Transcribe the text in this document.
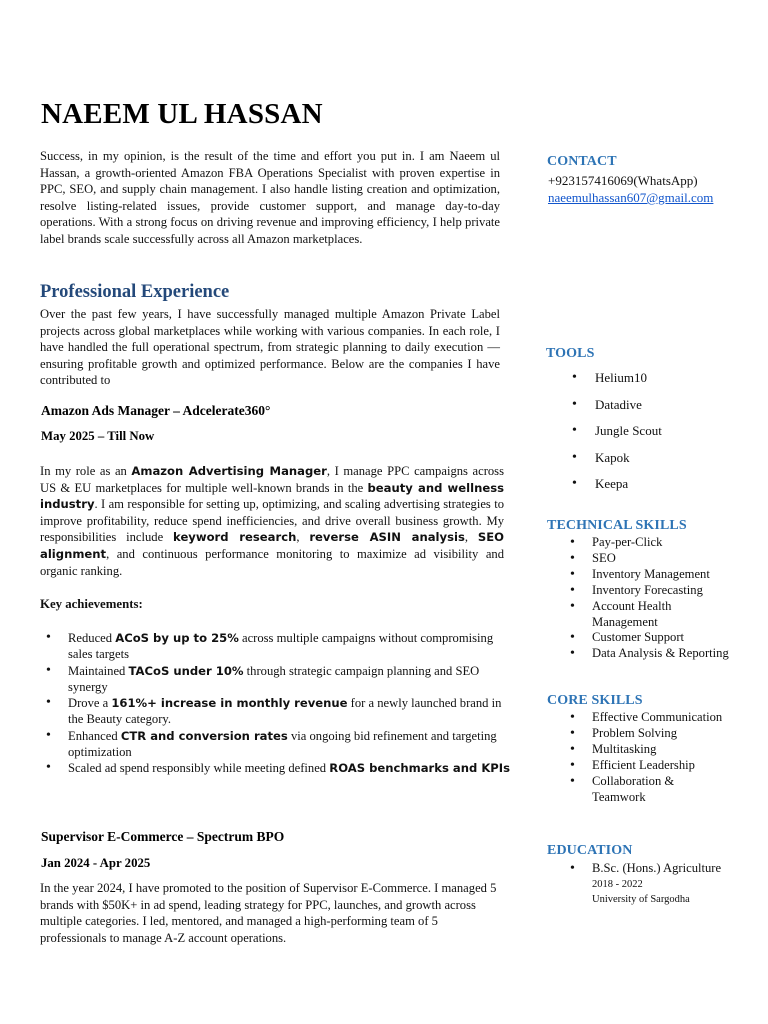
NAEEM UL HASSAN

Success, in my opinion, is the result of the time and effort you put in. I am Naeem ul Hassan, a growth-oriented Amazon FBA Operations Specialist with proven expertise in PPC, SEO, and supply chain management. I also handle listing creation and optimization, resolve listing-related issues, provide customer support, and manage day-to-day operations. With a strong focus on driving revenue and improving efficiency, I help private label brands scale successfully across all Amazon marketplaces.

Professional Experience

Over the past few years, I have successfully managed multiple Amazon Private Label projects across global marketplaces while working with various companies. In each role, I have handled the full operational spectrum, from strategic planning to daily execution — ensuring profitable growth and optimized performance. Below are the companies I have contributed to

Amazon Ads Manager – Adcelerate360°
May 2025 – Till Now

In my role as an Amazon Advertising Manager, I manage PPC campaigns across US & EU marketplaces for multiple well-known brands in the beauty and wellness industry. I am responsible for setting up, optimizing, and scaling advertising strategies to improve profitability, reduce spend inefficiencies, and drive overall business growth. My responsibilities include keyword research, reverse ASIN analysis, SEO alignment, and continuous performance monitoring to maximize ad visibility and organic ranking.

Key achievements:
• Reduced ACoS by up to 25% across multiple campaigns without compromising sales targets
• Maintained TACoS under 10% through strategic campaign planning and SEO synergy
• Drove a 161%+ increase in monthly revenue for a newly launched brand in the Beauty category.
• Enhanced CTR and conversion rates via ongoing bid refinement and targeting optimization
• Scaled ad spend responsibly while meeting defined ROAS benchmarks and KPIs
Supervisor E-Commerce – Spectrum BPO
Jan 2024 - Apr 2025

In the year 2024, I have promoted to the position of Supervisor E-Commerce. I managed 5 brands with $50K+ in ad spend, leading strategy for PPC, launches, and growth across multiple categories. I led, mentored, and managed a high-performing team of 5 professionals to manage A-Z account operations.

CONTACT
+923157416069(WhatsApp)
naeemulhassan607@gmail.com
TOOLS
• Helium10
• Datadive
• Jungle Scout
• Kapok
• Keepa
TECHNICAL SKILLS
• Pay-per-Click
• SEO
• Inventory Management
• Inventory Forecasting
• Account Health Management
• Customer Support
• Data Analysis & Reporting
CORE SKILLS
• Effective Communication
• Problem Solving
• Multitasking
• Efficient Leadership
• Collaboration & Teamwork
EDUCATION
• B.Sc. (Hons.) Agriculture
2018 - 2022
University of Sargodha
